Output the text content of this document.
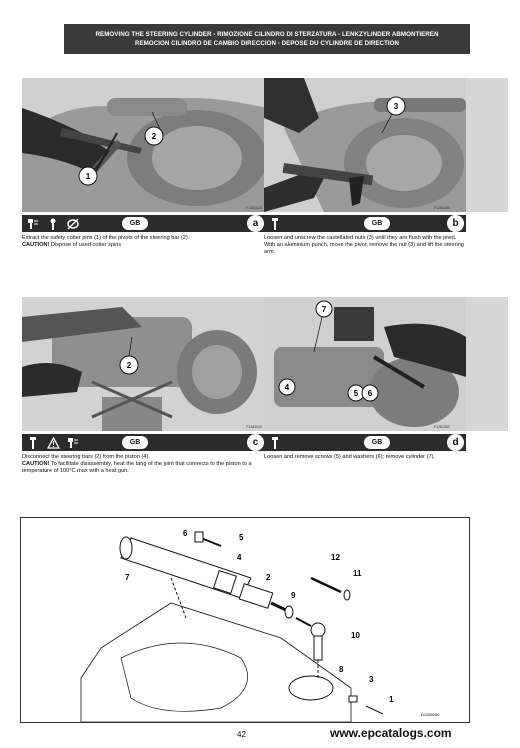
REMOVING THE STEERING CYLINDER - RIMOZIONE CILINDRO DI STERZATURA - LENKZYLINDER ABMONTIEREN
REMOCION CILINDRO DE CAMBIO DIRECCION - DEPOSE DU CYLINDRE DE DIRECTION
2
1
F1281020
GB	a
Extract the safety cotter pins (1) of the pivots of the steering bar (2).
CAUTION! Dispose of used cotter spins
3
F1281030
GB	b
Loosen and unscrew the castellated nuts (3) until they are flush with the pivot.
With an aluminium punch, move the pivot; remove the nut (3) and lift the steering arm.
2
F1281040
GB	c
Disconnect the steering bars (2) from the piston (4).
CAUTION! To facilitate disassembly, heat the tang of the joint that connects to the piston to a temperature of 100°C max with a heat gun.
7
4
5 6
F1281050
GB	d
Loosen and remove screws (5) and washers (6); remove cylinder (7).
1
2
3
4
5
6
7
8
9
10
11
12
D1280280
42	www.epcatalogs.com
